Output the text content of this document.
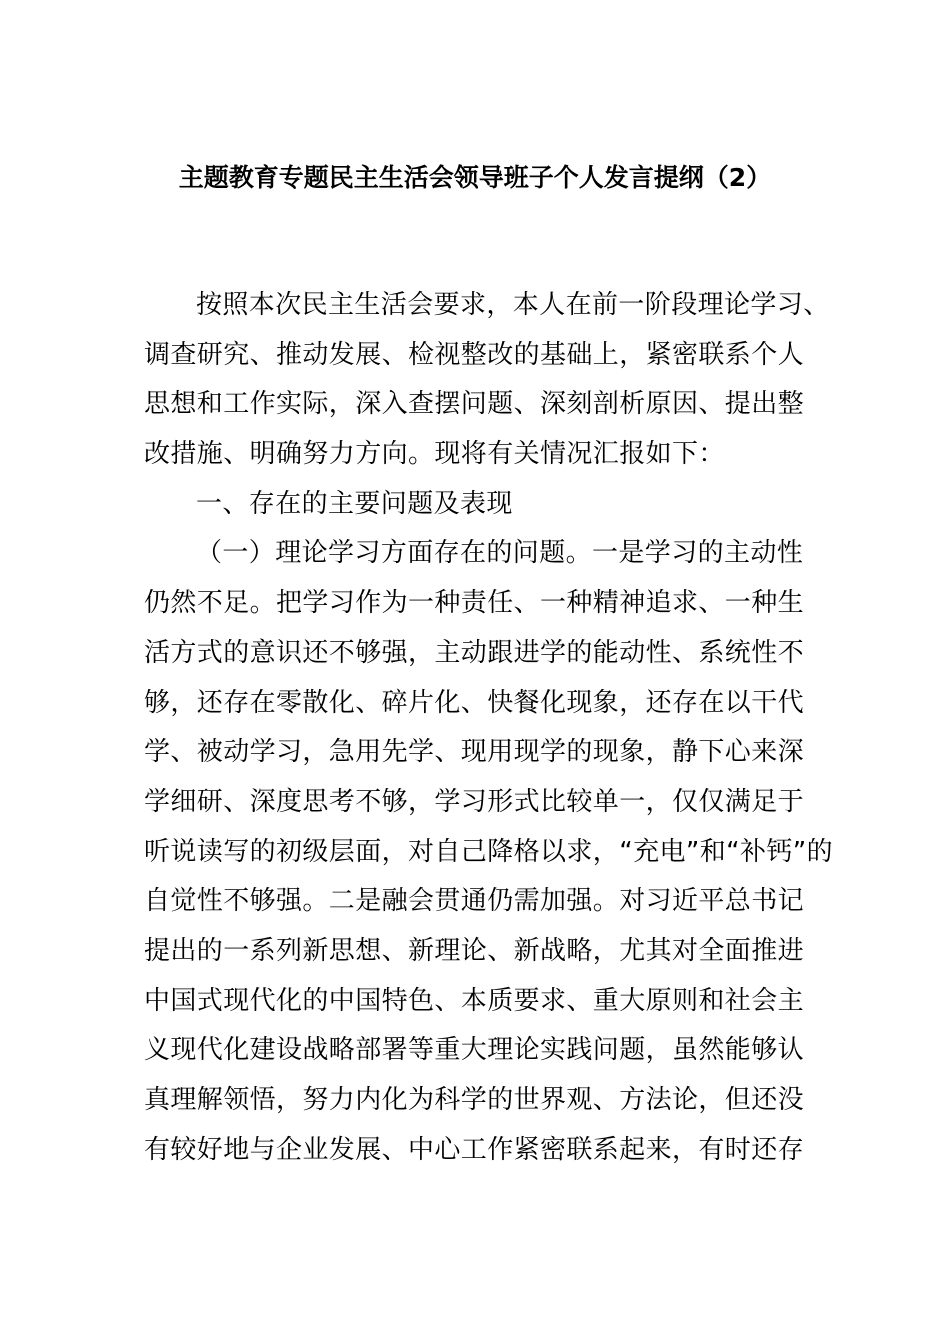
主题教育专题民主生活会领导班子个人发言提纲（2）
按照本次民主生活会要求，本人在前一阶段理论学习、
调查研究、推动发展、检视整改的基础上，紧密联系个人
思想和工作实际，深入查摆问题、深刻剖析原因、提出整
改措施、明确努力方向。现将有关情况汇报如下：
一、存在的主要问题及表现
（一）理论学习方面存在的问题。一是学习的主动性
仍然不足。把学习作为一种责任、一种精神追求、一种生
活方式的意识还不够强，主动跟进学的能动性、系统性不
够，还存在零散化、碎片化、快餐化现象，还存在以干代
学、被动学习，急用先学、现用现学的现象，静下心来深
学细研、深度思考不够，学习形式比较单一，仅仅满足于
听说读写的初级层面，对自己降格以求，“充电”和“补钙”的
自觉性不够强。二是融会贯通仍需加强。对习近平总书记
提出的一系列新思想、新理论、新战略，尤其对全面推进
中国式现代化的中国特色、本质要求、重大原则和社会主
义现代化建设战略部署等重大理论实践问题，虽然能够认
真理解领悟，努力内化为科学的世界观、方法论，但还没
有较好地与企业发展、中心工作紧密联系起来，有时还存
